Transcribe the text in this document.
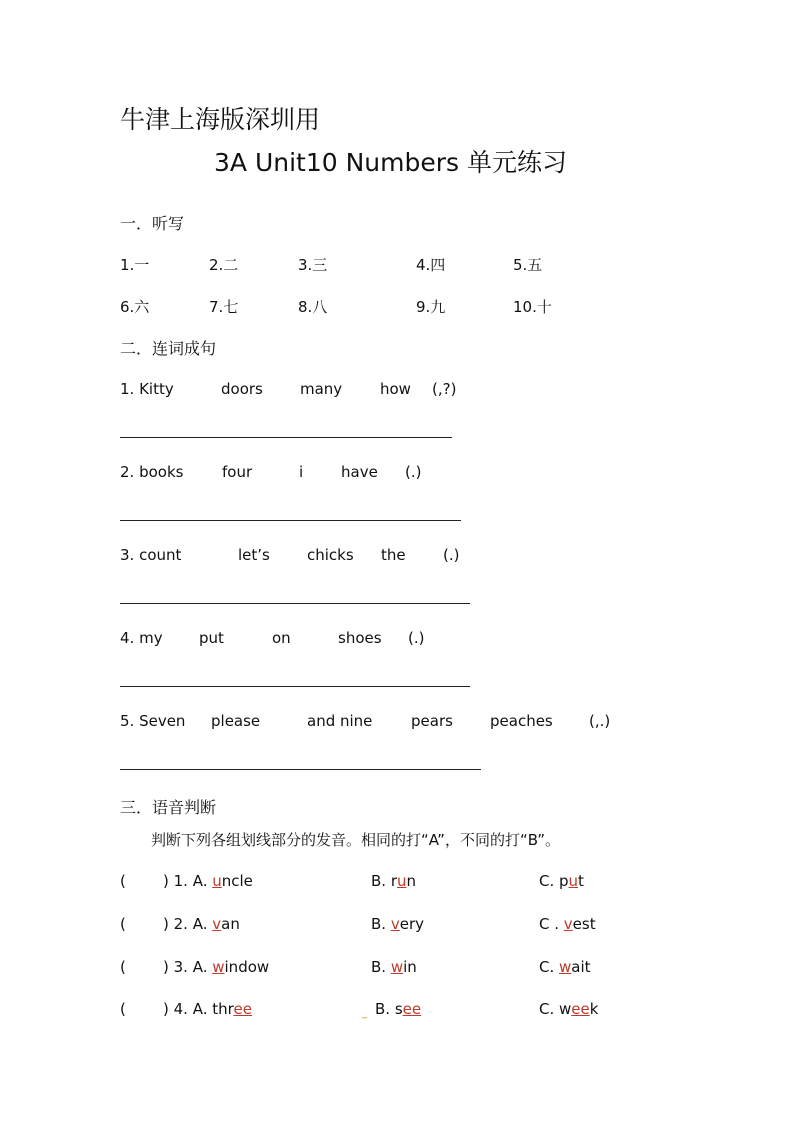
牛津上海版深圳用
3A Unit10 Numbers 单元练习
一．听写
1.一	2.二	3.三	4.四	5.五
6.六	7.七	8.八	9.九	10.十
二．连词成句
1. Kitty	doors many	how (,?)
2. books	four	i	have (.)
3. count	let’s chicks the (.)
4. my put	on	shoes (.)
5. Seven please	and nine	pears peaches (,.)
三．语音判断
判断下列各组划线部分的发音。相同的打“A”，不同的打“B”。
( ) 1. A. uncle	B. run	C. put
( ) 2. A. van	B. very	C . vest
( ) 3. A. window	B. win	C. wait
( ) 4. A. three	_ B. see	C. week
